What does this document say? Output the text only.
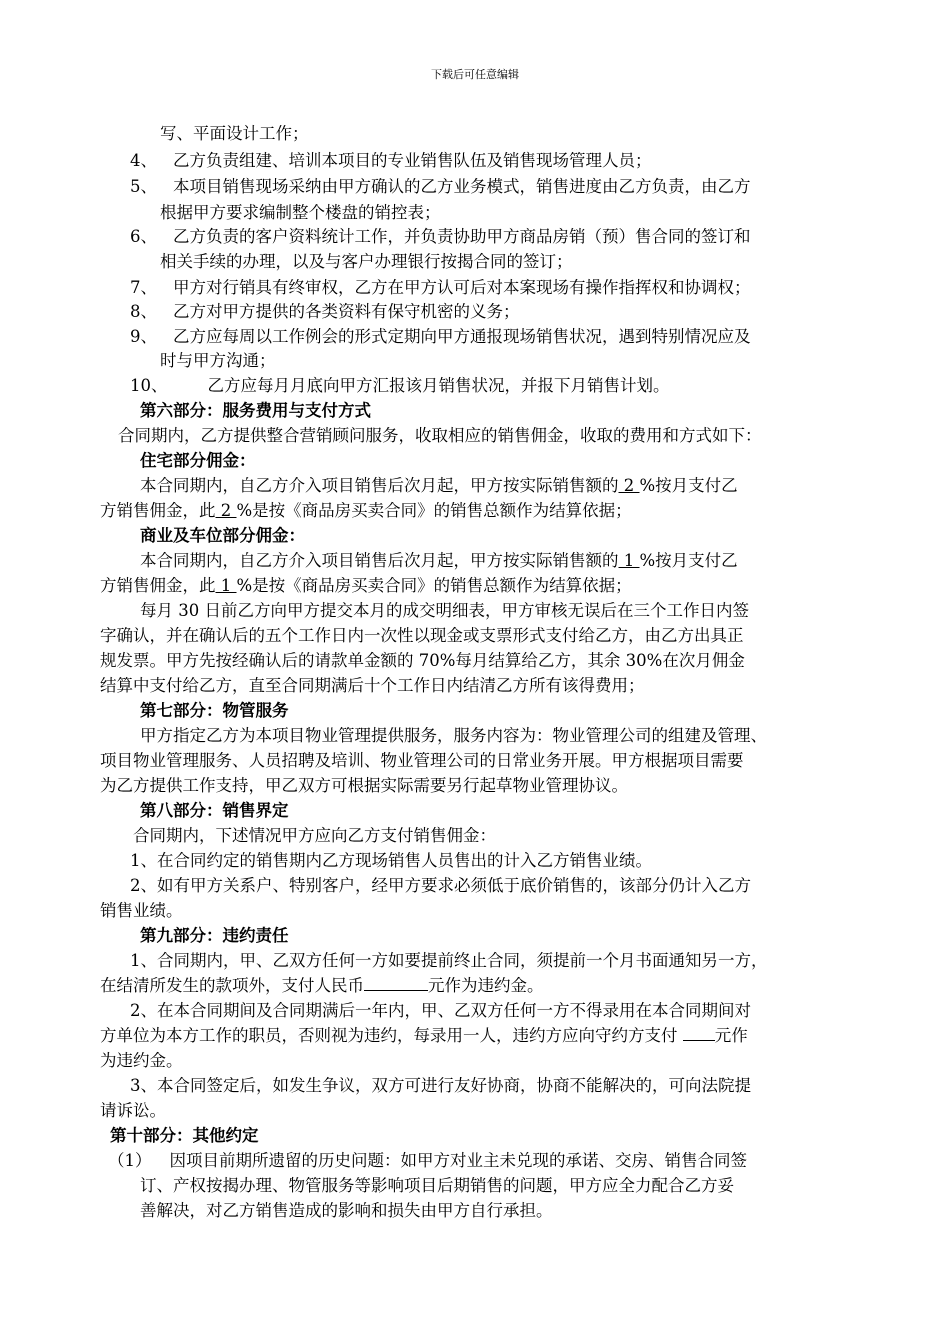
下载后可任意编辑
写、平面设计工作；
4、 乙方负责组建、培训本项目的专业销售队伍及销售现场管理人员；
5、 本项目销售现场采纳由甲方确认的乙方业务模式，销售进度由乙方负责，由乙方
根据甲方要求编制整个楼盘的销控表；
6、 乙方负责的客户资料统计工作，并负责协助甲方商品房销（预）售合同的签订和
相关手续的办理，以及与客户办理银行按揭合同的签订；
7、 甲方对行销具有终审权，乙方在甲方认可后对本案现场有操作指挥权和协调权；
8、 乙方对甲方提供的各类资料有保守机密的义务；
9、 乙方应每周以工作例会的形式定期向甲方通报现场销售状况，遇到特别情况应及
时与甲方沟通；
10、 乙方应每月月底向甲方汇报该月销售状况，并报下月销售计划。
第六部分：服务费用与支付方式
合同期内，乙方提供整合营销顾问服务，收取相应的销售佣金，收取的费用和方式如下：
住宅部分佣金：
本合同期内，自乙方介入项目销售后次月起，甲方按实际销售额的 2 %按月支付乙
方销售佣金，此 2 %是按《商品房买卖合同》的销售总额作为结算依据；
商业及车位部分佣金：
本合同期内，自乙方介入项目销售后次月起，甲方按实际销售额的 1 %按月支付乙
方销售佣金，此 1 %是按《商品房买卖合同》的销售总额作为结算依据；
每月 30 日前乙方向甲方提交本月的成交明细表，甲方审核无误后在三个工作日内签
字确认，并在确认后的五个工作日内一次性以现金或支票形式支付给乙方，由乙方出具正
规发票。甲方先按经确认后的请款单金额的 70%每月结算给乙方，其余 30%在次月佣金
结算中支付给乙方，直至合同期满后十个工作日内结清乙方所有该得费用；
第七部分：物管服务
甲方指定乙方为本项目物业管理提供服务，服务内容为：物业管理公司的组建及管理、
项目物业管理服务、人员招聘及培训、物业管理公司的日常业务开展。甲方根据项目需要
为乙方提供工作支持，甲乙双方可根据实际需要另行起草物业管理协议。
第八部分：销售界定
合同期内，下述情况甲方应向乙方支付销售佣金：
1、在合同约定的销售期内乙方现场销售人员售出的计入乙方销售业绩。
2、如有甲方关系户、特别客户，经甲方要求必须低于底价销售的，该部分仍计入乙方
销售业绩。
第九部分：违约责任
1、合同期内，甲、乙双方任何一方如要提前终止合同，须提前一个月书面通知另一方，
在结清所发生的款项外，支付人民币	元作为违约金。
2、在本合同期间及合同期满后一年内，甲、乙双方任何一方不得录用在本合同期间对
方单位为本方工作的职员，否则视为违约，每录用一人，违约方应向守约方支付 元作
为违约金。
3、本合同签定后，如发生争议，双方可进行友好协商，协商不能解决的，可向法院提
请诉讼。
第十部分：其他约定
（1） 因项目前期所遗留的历史问题：如甲方对业主未兑现的承诺、交房、销售合同签
订、产权按揭办理、物管服务等影响项目后期销售的问题，甲方应全力配合乙方妥
善解决，对乙方销售造成的影响和损失由甲方自行承担。
